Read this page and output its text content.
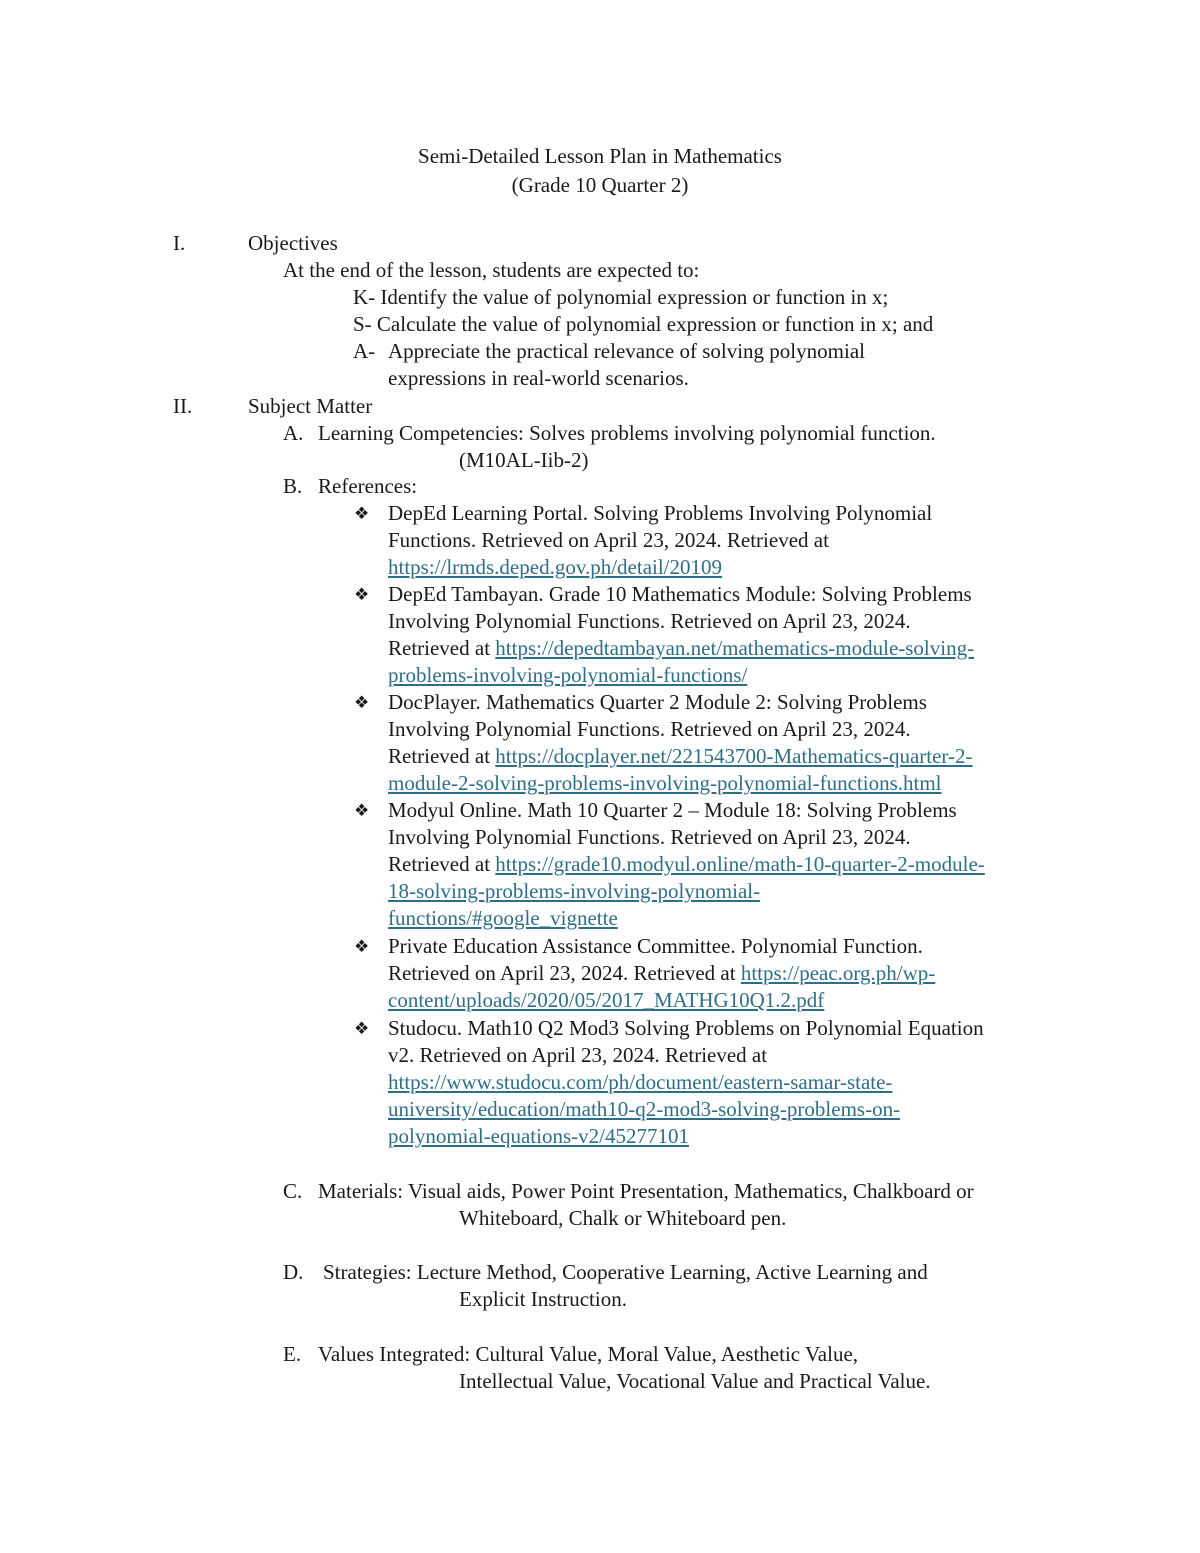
Semi-Detailed Lesson Plan in Mathematics
(Grade 10 Quarter 2)
I.	Objectives
At the end of the lesson, students are expected to:
K- Identify the value of polynomial expression or function in x;
S- Calculate the value of polynomial expression or function in x; and
A- Appreciate the practical relevance of solving polynomial
expressions in real-world scenarios.
II.	Subject Matter
A. Learning Competencies: Solves problems involving polynomial function.
(M10AL-Iib-2)
B. References:
❖ DepEd Learning Portal. Solving Problems Involving Polynomial
Functions. Retrieved on April 23, 2024. Retrieved at
https://lrmds.deped.gov.ph/detail/20109
❖ DepEd Tambayan. Grade 10 Mathematics Module: Solving Problems
Involving Polynomial Functions. Retrieved on April 23, 2024.
Retrieved at https://depedtambayan.net/mathematics-module-solving-
problems-involving-polynomial-functions/
❖ DocPlayer. Mathematics Quarter 2 Module 2: Solving Problems
Involving Polynomial Functions. Retrieved on April 23, 2024.
Retrieved at https://docplayer.net/221543700-Mathematics-quarter-2-
module-2-solving-problems-involving-polynomial-functions.html
❖ Modyul Online. Math 10 Quarter 2 – Module 18: Solving Problems
Involving Polynomial Functions. Retrieved on April 23, 2024.
Retrieved at https://grade10.modyul.online/math-10-quarter-2-module-
18-solving-problems-involving-polynomial-
functions/#google_vignette
❖ Private Education Assistance Committee. Polynomial Function.
Retrieved on April 23, 2024. Retrieved at https://peac.org.ph/wp-
content/uploads/2020/05/2017_MATHG10Q1.2.pdf
❖ Studocu. Math10 Q2 Mod3 Solving Problems on Polynomial Equation
v2. Retrieved on April 23, 2024. Retrieved at
https://www.studocu.com/ph/document/eastern-samar-state-
university/education/math10-q2-mod3-solving-problems-on-
polynomial-equations-v2/45277101
C. Materials: Visual aids, Power Point Presentation, Mathematics, Chalkboard or
Whiteboard, Chalk or Whiteboard pen.
D. Strategies: Lecture Method, Cooperative Learning, Active Learning and
Explicit Instruction.
E. Values Integrated: Cultural Value, Moral Value, Aesthetic Value,
Intellectual Value, Vocational Value and Practical Value.
